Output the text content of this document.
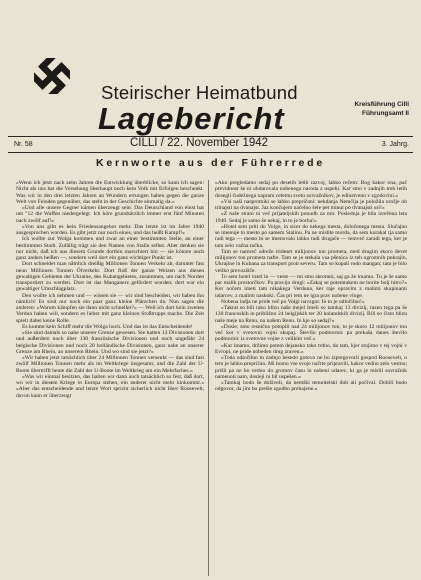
Steirischer Heimatbund
Lagebericht	Kreisführung Cilli
Führungsamt II
Nr. 58	CILLI / 22. November 1942	3. Jahrg.
Kernworte aus der Führerrede

»Wenn ich jetzt nach zehn Jahren die Entwicklung überblicke, so kann ich sagen: Nicht als uns hat die Vorsehung überhaupt noch kein Volk mit Erfolgen beschenkt. Was wir in den drei letzten Jahren an Wundern errungen haben gegen die ganze Welt von Feinden gegenüber, das steht in der Geschichte einmalig da.«

»Und alle unsere Gegner kämen überzeugt sein: Das Deutschland von einst hat um "12 die Waffen niedergelegt. Ich höre grundsätzlich immer erst fünf Minuten nach zwölf auf!«

»Von uns gibt es kein Friedensangebot mehr. Das letzte ist im Jahre 1940 ausgesprochen worden. Es gibt jetzt nur noch eines, und das heißt Kampf!«

Ich wollte zur Wolga kommen und zwar an einer bestimmten Stelle, an einer bestimmten Stadt. Zufällig trägt sie den Namen von Stalin selbst. Aber denken sie nur nicht, daß ich aus diesem Grunde dorthin marschiert bin — sie könnte auch ganz anders heißen —, sondern weil dort ein ganz wichtiger Punkt ist.

Dort schneidet man nämlich dreißig Millionen Tonnen Verkehr ab, darunter fast neun Millionen Tonnen Ölverkehr. Dort floß der ganze Weizen aus diesen gewaltigen Gebieten der Ukraine, des Kubangebietes, zusammen, um nach Norden transportiert zu werden. Dort ist das Manganerz gefördert worden; dort war ein gewaltiger Umschlagplatz.

Den wollte ich nehmen und — wissen sie — wir sind bescheiden, wir haben ihn nämlich! Es sind nur noch ein paar ganz kleine Plätzchen da. Nun sagen die anderen: »Warum kämpfen sie dann nicht schneller?« — Weil ich dort kein zweites Verdun haben will, sondern es lieber mit ganz kleinen Stoßtrupps mache. Die Zeit spielt dabei keine Rolle.

Es kommt kein Schiff mehr die Wolga hoch. Und das ist das Entscheidende!

»Sie sind damals so nahe unserer Grenze gewesen. Sie hatten 13 Divisionen dort und außerdem noch über 130 französische Divisionen und noch ungefähr 24 belgische Divisionen und noch 20 holländische Divisionen, ganz nahe an unserer Grenze am Rhein, an unserem Rhein. Und wo sind sie jetzt?«

»Wir haben jetzt tatsächlich über 24 Millionen Tonnen versenkt — das sind fast zwölf Millionen Tonnen mehr als im Weltkriege insgesamt, und die Zahl der U-Boote übertrifft heute die Zahl der U-Boote im Weltkrieg um ein Mehrfaches.«

»Was wir einmal besitzen, das halten wir dann auch tatsächlich so fest, daß dort, wo wir in diesem Kriege in Europa stehen, ein anderer nicht mehr hinkommt.« »Aber das entscheidende und letzte Wort spricht sicherlich nicht Herr Roosevelt, davon kann er überzeugt

»Ako pregledamo sedaj po desetih letih razvoj, lahko rečem: Bog kakor ona, pač previdnost še ni obdarovala nobenega naroda z uspehi. Kar smo v zadnjih treh letih dosegli čudežnega napram celemu svetu sovražnikov, je edinstveno v zgodovini.«

»Vsi naši nasprotniki se lahko prepričani: nekdanja Nemčija je položila orožje ob trinajsti na dvanajst. Jaz končujem načelno šele pet minut po dvanajsti uri!«

»Z naše strani ni več prijateljskih ponudb za mir. Poslednja je bila izrečena leta 1940. Sedaj je samo še nekaj, in to je borba!«

»Hotel sem priti do Volge, in sicer do nekega mesta, določenega mesta. Slučajno se imenuje to mesto po samem Stalinu. Pa ne mislite morda, da sem korakal tja samo radi tega — mesto bi se imenovalo lahko tudi drugače — temveč zaradi tega, ker je tam zelo važna točka.

Tam se namreč odreže trideset milijonov ton prometa, med drugim skoro devet milijonov ton prometa nafte. Tam se je stekala vsa pšenica iz teh ogromnih pokrajin, Ukrajine in Kubana za transport proti severu. Tam so kopali rudo mangan; tam je bilo veliko prevozišče.

To sem hotel vzeti in — veste — mi smo skromni, saj ga že imamo. Tu je še samo par malih prostorčkov. Pa pravijo drugi: »Zakaj se potemtakem ne borite bolj hitro?« Ker nočem imeti tam nikakega Verduna, ker raje opravim z malimi skupinami udarcev, z malimi naskoki. Čas pri tem ne igra prav nobene vloge.

Nobena ladja ne pride več po Volgi navzgor. In to je odločilno!«

»Takrat so bili tako blizu naše mejel Imeli so tamkaj 13 divizij, razen tega pa še 130 francoskih in približno 24 belgijskih ter 20 holandskih divizij. Bili so čisto blizu naše meje na Renu, na našem Renu. In kje so sedaj?«

»Dosle; smo resnično potopili nad 24 milijonov ton, to je skoro 12 milijonov ton več kot v svetovni vojni skupaj. Število podmornic pa prekaša danes število podmornic iz svetovne vojne z velikim več.«

»Kar imamo, držimo potem dejansko tako trdno, da tam, kjer stojimo v tej vojni v Evropi, ne pride nobeden drug zraven.«

»Toda odločilno in zadnjo besedo gotovo ne bo izpregovoril gospod Roosevelt, o tem je lahko prepričan. Mi bomo vse svoje načrte pripravili, kakor vedno zelo vestno; prišli pa ne bo vedno do gromov času in nobeni udarec, ki ga je mislil sovražnik namenoti nam, dosleji ni bil uspešen.«

»Tamkaj bodo še doživeli, da nemški temnitelski duh ali počival. Dobili bodo odgovor, da jim bo prešle zgodbo prehajene.«
